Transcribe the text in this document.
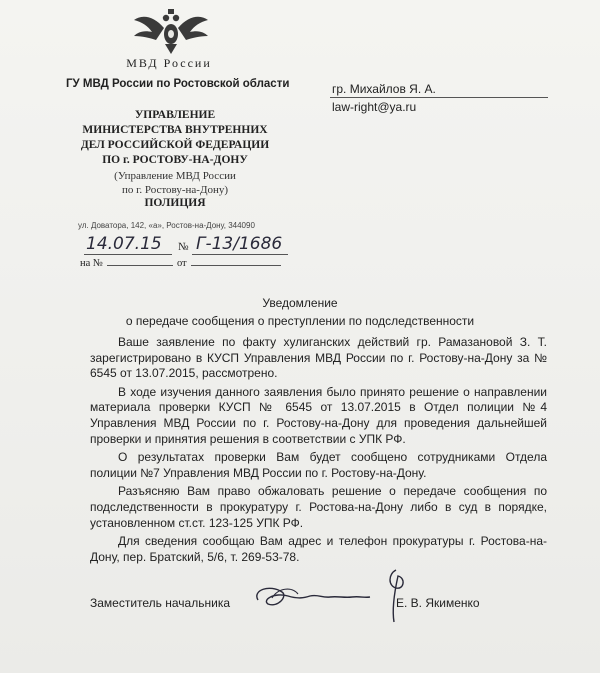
МВД России
ГУ МВД России по Ростовской области
УПРАВЛЕНИЕ
МИНИСТЕРСТВА ВНУТРЕННИХ
ДЕЛ РОССИЙСКОЙ ФЕДЕРАЦИИ
ПО г. РОСТОВУ-НА-ДОНУ
(Управление МВД России
по г. Ростову-на-Дону)
ПОЛИЦИЯ
ул. Доватора, 142, «а», Ростов-на-Дону, 344090
14.07.15 № Г-13/1686
на №	от
гр. Михайлов Я. А.
law-right@ya.ru
Уведомление
о передаче сообщения о преступлении по подследственности

Ваше заявление по факту хулиганских действий гр. Рамазановой З. Т. зарегистрировано в КУСП Управления МВД России по г. Ростову-на-Дону за № 6545 от 13.07.2015, рассмотрено.

В ходе изучения данного заявления было принято решение о направлении материала проверки КУСП № 6545 от 13.07.2015 в Отдел полиции №4 Управления МВД России по г. Ростову-на-Дону для проведения дальнейшей проверки и принятия решения в соответствии с УПК РФ.

О результатах проверки Вам будет сообщено сотрудниками Отдела полиции №7 Управления МВД России по г. Ростову-на-Дону.

Разъясняю Вам право обжаловать решение о передаче сообщения по подследственности в прокуратуру г. Ростова-на-Дону либо в суд в порядке, установленном ст.ст. 123-125 УПК РФ.

Для сведения сообщаю Вам адрес и телефон прокуратуры г. Ростова-на-Дону, пер. Братский, 5/6, т. 269-53-78.

Заместитель начальника	Е. В. Якименко
